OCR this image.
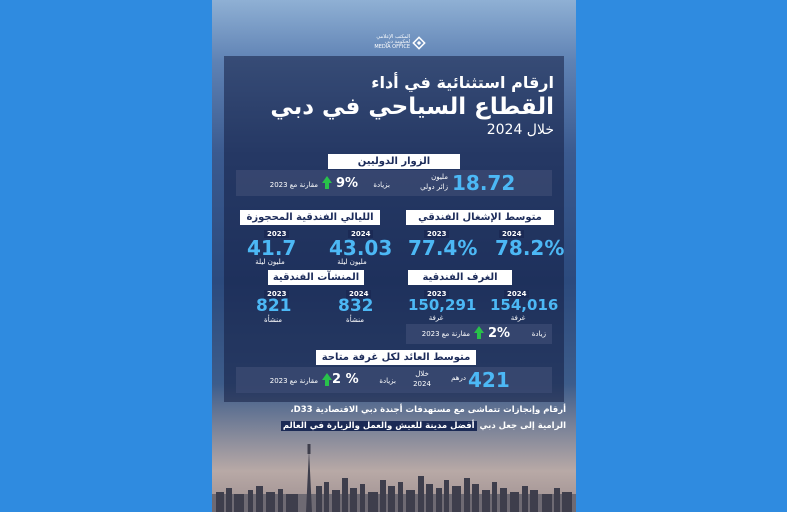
المكتب الإعلامي
لحكومة دبي
MEDIA OFFICE
ارقام استثنائية في أداء
القطاع السياحي في دبي
خلال 2024
الزوار الدوليين
18.72
مليون
زائر دولي
بزيادة
9%
مقارنة مع 2023
متوسط الإشغال الفندقي
2024
78.2%
2023
77.4%
الليالي الفندقية المحجوزة
2024
43.03
مليون ليلة
2023
41.7
مليون ليلة
الغرف الفندقية
2024
154,016
غرفة
2023
150,291
غرفة
زيادة
2%
مقارنة مع 2023
المنشآت الفندقية
2024
832
منشأة
2023
821
منشأة
متوسط العائد لكل غرفة متاحة
421
درهم
خلال
2024
بزيادة
2 %
مقارنة مع 2023
أرقام وإنجازات تتماشى مع مستهدفات أجندة دبي الاقتصادية D33،
الرامية إلى جعل دبي أفضل مدينة للعيش والعمل والزيارة في العالم
